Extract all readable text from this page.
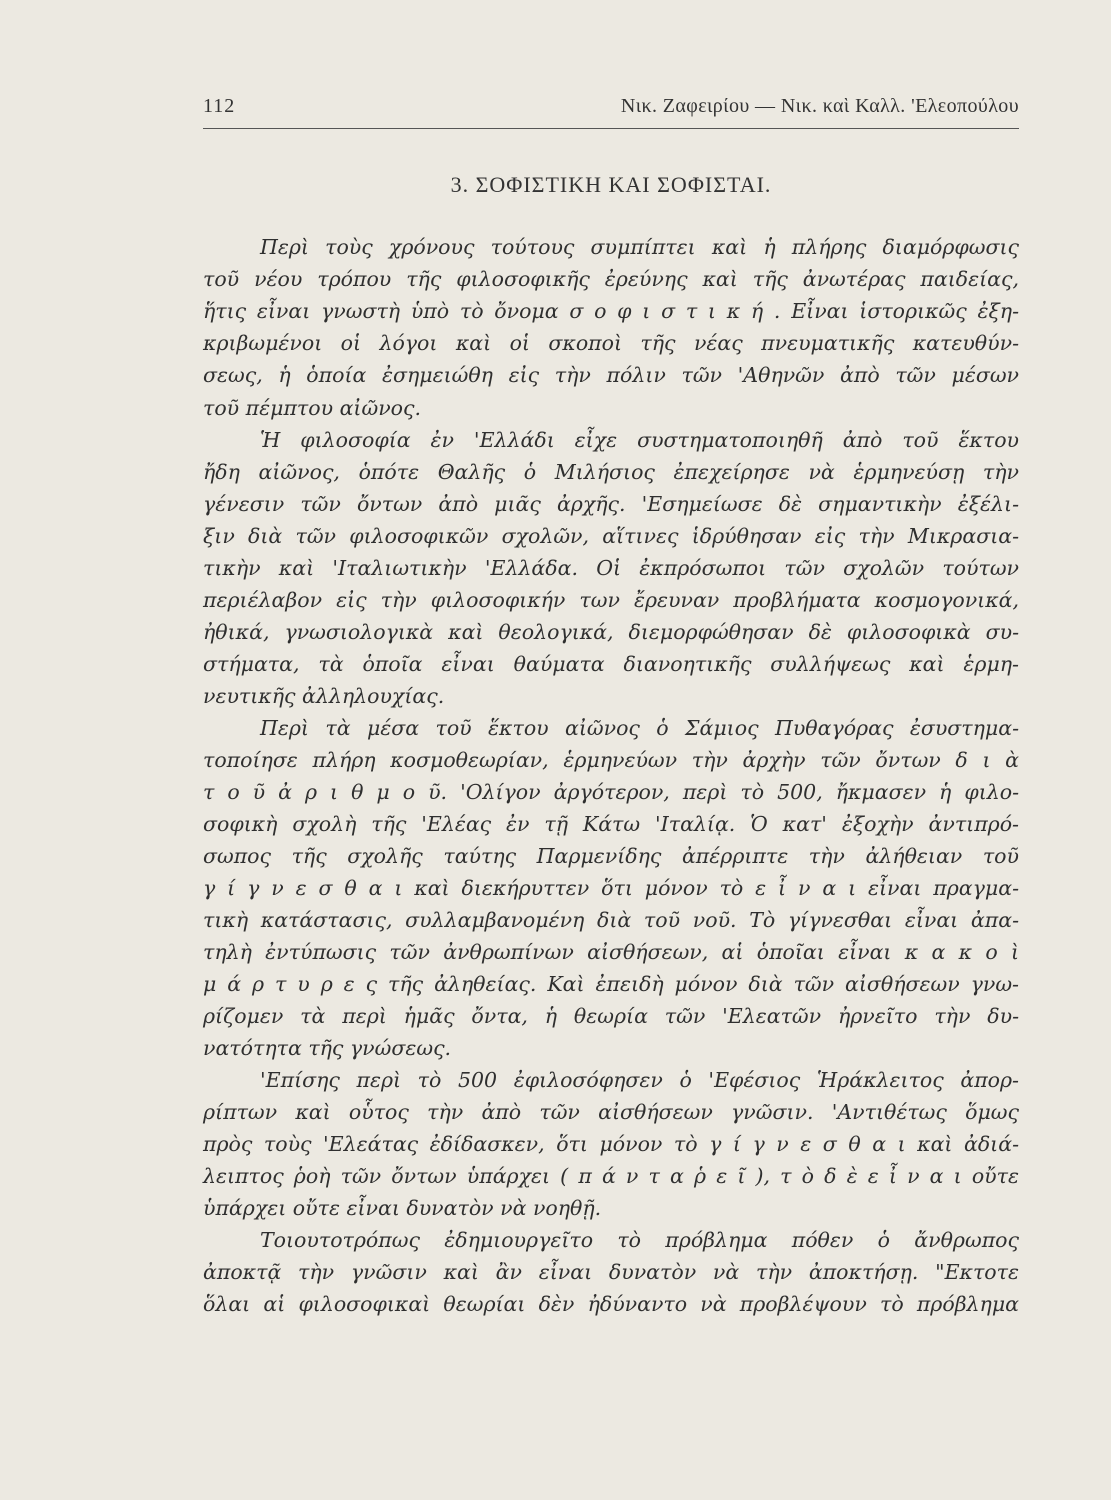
112	Νικ. Ζαφειρίου — Νικ. καὶ Καλλ. 'Ελεοπούλου
3. ΣΟΦΙΣΤΙΚΗ ΚΑΙ ΣΟΦΙΣΤΑΙ.
Περὶ τοὺς χρόνους τούτους συμπίπτει καὶ ἡ πλήρης διαμόρφωσις
τοῦ νέου τρόπου τῆς φιλοσοφικῆς ἐρεύνης καὶ τῆς ἀνωτέρας παιδείας,
ἥτις εἶναι γνωστὴ ὑπὸ τὸ ὄνομα σ ο φ ι σ τ ι κ ή . Εἶναι ἱστορικῶς ἐξη-
κριβωμένοι οἱ λόγοι καὶ οἱ σκοποὶ τῆς νέας πνευματικῆς κατευθύν-
σεως, ἡ ὁποία ἐσημειώθη εἰς τὴν πόλιν τῶν 'Αθηνῶν ἀπὸ τῶν μέσων
τοῦ πέμπτου αἰῶνος.
Ἡ φιλοσοφία ἐν 'Ελλάδι εἶχε συστηματοποιηθῆ ἀπὸ τοῦ ἕκτου
ἤδη αἰῶνος, ὁπότε Θαλῆς ὁ Μιλήσιος ἐπεχείρησε νὰ ἑρμηνεύσῃ τὴν
γένεσιν τῶν ὄντων ἀπὸ μιᾶς ἀρχῆς. 'Εσημείωσε δὲ σημαντικὴν ἐξέλι-
ξιν διὰ τῶν φιλοσοφικῶν σχολῶν, αἵτινες ἱδρύθησαν εἰς τὴν Μικρασια-
τικὴν καὶ 'Ιταλιωτικὴν 'Ελλάδα. Οἱ ἐκπρόσωποι τῶν σχολῶν τούτων
περιέλαβον εἰς τὴν φιλοσοφικήν των ἔρευναν προβλήματα κοσμογονικά,
ἠθικά, γνωσιολογικὰ καὶ θεολογικά, διεμορφώθησαν δὲ φιλοσοφικὰ συ-
στήματα, τὰ ὁποῖα εἶναι θαύματα διανοητικῆς συλλήψεως καὶ ἑρμη-
νευτικῆς ἀλληλουχίας.
Περὶ τὰ μέσα τοῦ ἕκτου αἰῶνος ὁ Σάμιος Πυθαγόρας ἐσυστημα-
τοποίησε πλήρη κοσμοθεωρίαν, ἑρμηνεύων τὴν ἀρχὴν τῶν ὄντων δ ι ὰ
τ ο ῦ ἀ ρ ι θ μ ο ῦ. 'Ολίγον ἀργότερον, περὶ τὸ 500, ἤκμασεν ἡ φιλο-
σοφικὴ σχολὴ τῆς 'Ελέας ἐν τῇ Κάτω 'Ιταλίᾳ. Ὁ κατ' ἐξοχὴν ἀντιπρό-
σωπος τῆς σχολῆς ταύτης Παρμενίδης ἀπέρριπτε τὴν ἀλήθειαν τοῦ
γ ί γ ν ε σ θ α ι καὶ διεκήρυττεν ὅτι μόνον τὸ ε ἶ ν α ι εἶναι πραγμα-
τικὴ κατάστασις, συλλαμβανομένη διὰ τοῦ νοῦ. Τὸ γίγνεσθαι εἶναι ἀπα-
τηλὴ ἐντύπωσις τῶν ἀνθρωπίνων αἰσθήσεων, αἱ ὁποῖαι εἶναι κ α κ ο ὶ
μ ά ρ τ υ ρ ε ς τῆς ἀληθείας. Καὶ ἐπειδὴ μόνον διὰ τῶν αἰσθήσεων γνω-
ρίζομεν τὰ περὶ ἡμᾶς ὄντα, ἡ θεωρία τῶν 'Ελεατῶν ἠρνεῖτο τὴν δυ-
νατότητα τῆς γνώσεως.
'Επίσης περὶ τὸ 500 ἐφιλοσόφησεν ὁ 'Εφέσιος Ἡράκλειτος ἀπορ-
ρίπτων καὶ οὗτος τὴν ἀπὸ τῶν αἰσθήσεων γνῶσιν. 'Αντιθέτως ὅμως
πρὸς τοὺς 'Ελεάτας ἐδίδασκεν, ὅτι μόνον τὸ γ ί γ ν ε σ θ α ι καὶ ἀδιά-
λειπτος ῥοὴ τῶν ὄντων ὑπάρχει ( π ά ν τ α ῥ ε ῖ ), τ ὸ δ ὲ ε ἶ ν α ι οὔτε
ὑπάρχει οὔτε εἶναι δυνατὸν νὰ νοηθῇ.
Τοιουτοτρόπως ἐδημιουργεῖτο τὸ πρόβλημα πόθεν ὁ ἄνθρωπος
ἀποκτᾷ τὴν γνῶσιν καὶ ἂν εἶναι δυνατὸν νὰ τὴν ἀποκτήσῃ. "Εκτοτε
ὅλαι αἱ φιλοσοφικαὶ θεωρίαι δὲν ἠδύναντο νὰ προβλέψουν τὸ πρόβλημα
